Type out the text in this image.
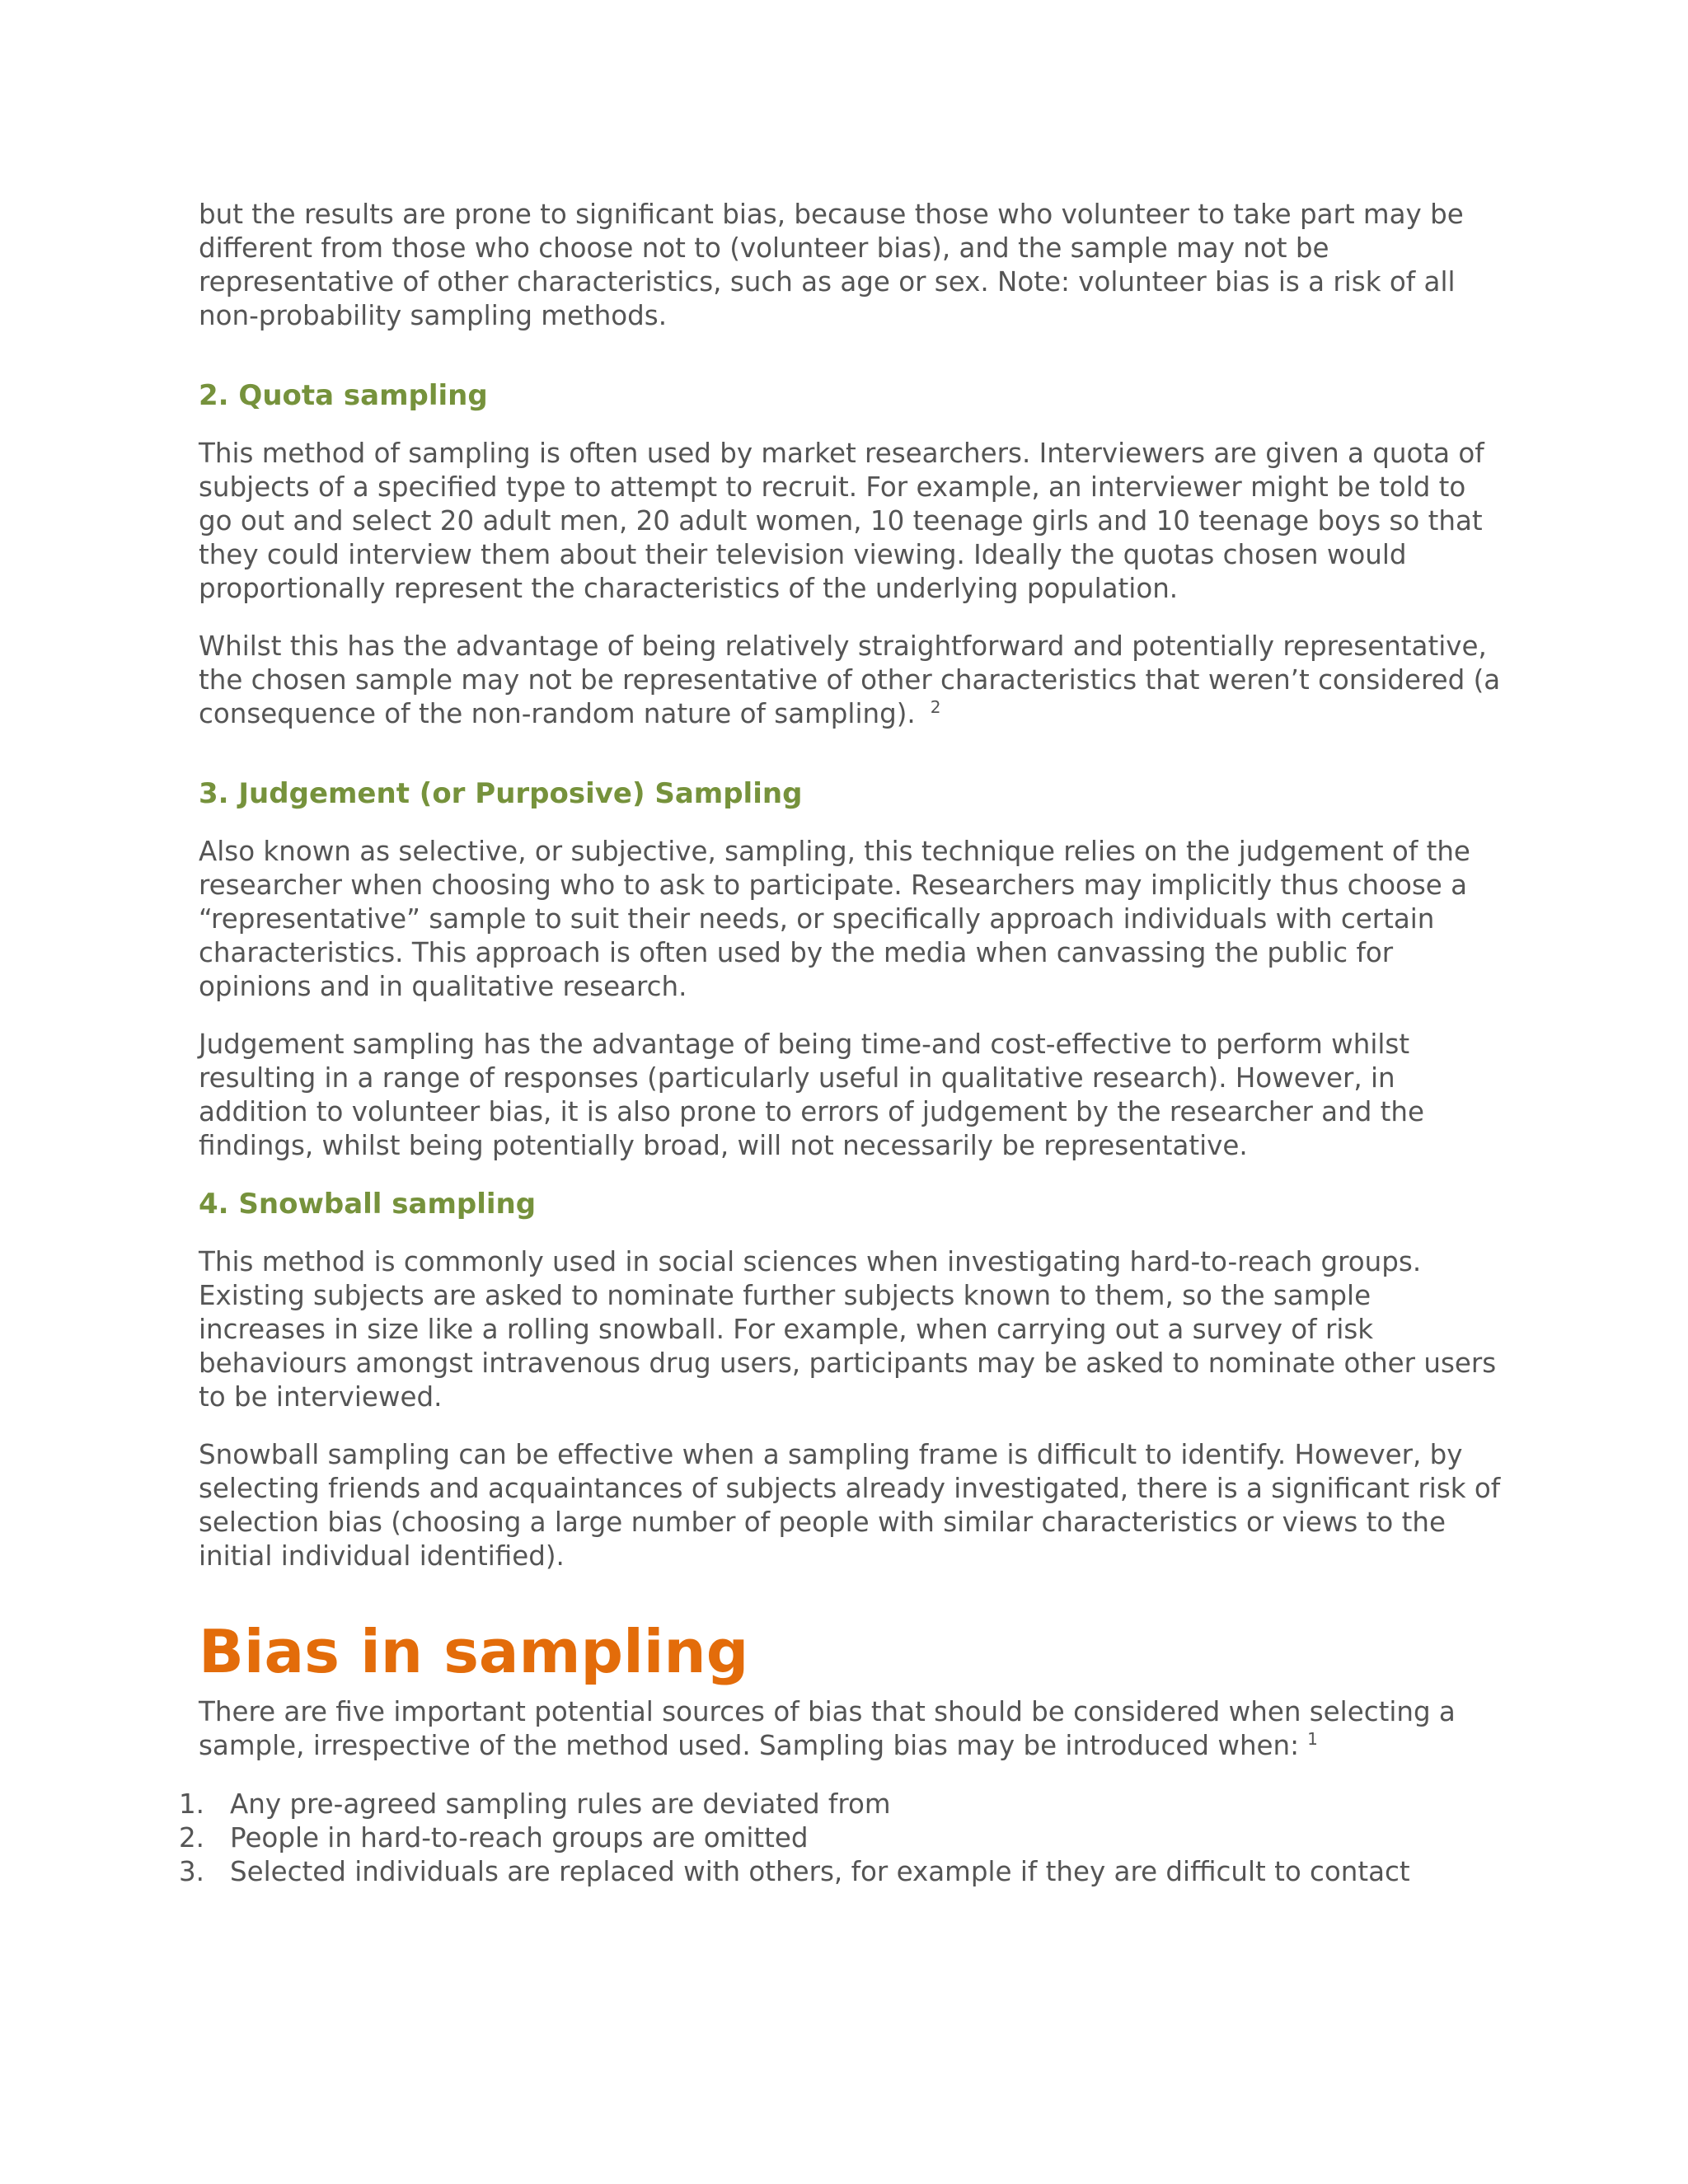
but the results are prone to significant bias, because those who volunteer to take part may be different from those who choose not to (volunteer bias), and the sample may not be representative of other characteristics, such as age or sex. Note: volunteer bias is a risk of all non-probability sampling methods.

2. Quota sampling

This method of sampling is often used by market researchers. Interviewers are given a quota of subjects of a specified type to attempt to recruit. For example, an interviewer might be told to go out and select 20 adult men, 20 adult women, 10 teenage girls and 10 teenage boys so that they could interview them about their television viewing. Ideally the quotas chosen would proportionally represent the characteristics of the underlying population.

Whilst this has the advantage of being relatively straightforward and potentially representative, the chosen sample may not be representative of other characteristics that weren’t considered (a consequence of the non-random nature of sampling). $^2$

3. Judgement (or Purposive) Sampling

Also known as selective, or subjective, sampling, this technique relies on the judgement of the researcher when choosing who to ask to participate. Researchers may implicitly thus choose a “representative” sample to suit their needs, or specifically approach individuals with certain characteristics. This approach is often used by the media when canvassing the public for opinions and in qualitative research.

Judgement sampling has the advantage of being time-and cost-effective to perform whilst resulting in a range of responses (particularly useful in qualitative research). However, in addition to volunteer bias, it is also prone to errors of judgement by the researcher and the findings, whilst being potentially broad, will not necessarily be representative.

4. Snowball sampling

This method is commonly used in social sciences when investigating hard-to-reach groups. Existing subjects are asked to nominate further subjects known to them, so the sample increases in size like a rolling snowball. For example, when carrying out a survey of risk behaviours amongst intravenous drug users, participants may be asked to nominate other users to be interviewed.

Snowball sampling can be effective when a sampling frame is difficult to identify. However, by selecting friends and acquaintances of subjects already investigated, there is a significant risk of selection bias (choosing a large number of people with similar characteristics or views to the initial individual identified).

Bias in sampling

There are five important potential sources of bias that should be considered when selecting a sample, irrespective of the method used. Sampling bias may be introduced when: $^1$

1. Any pre-agreed sampling rules are deviated from
2. People in hard-to-reach groups are omitted
3. Selected individuals are replaced with others, for example if they are difficult to contact
